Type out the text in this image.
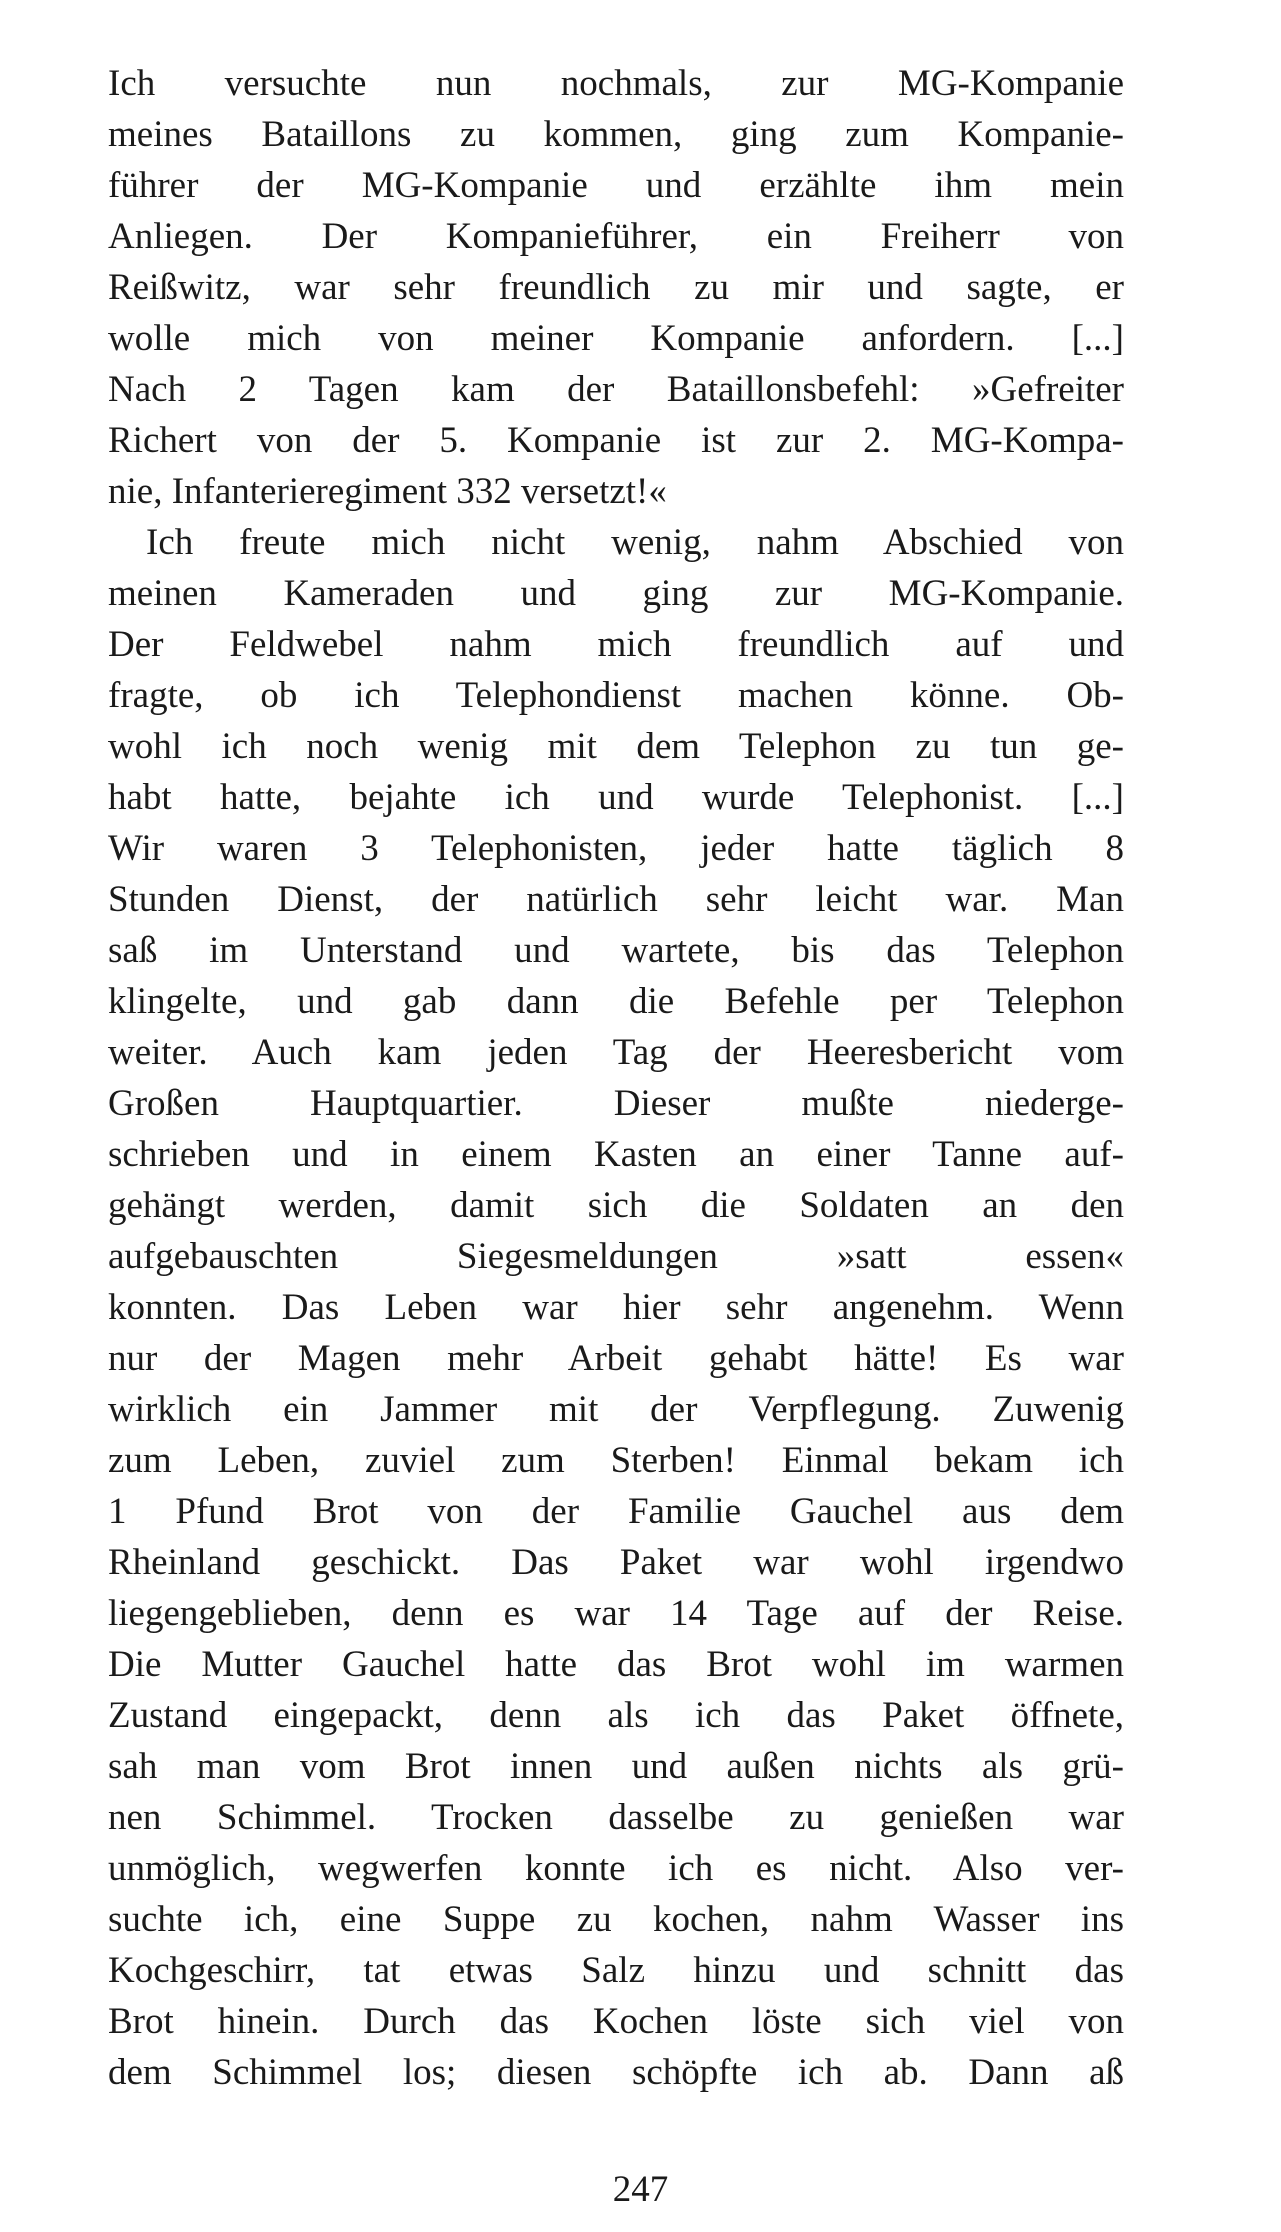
Ich versuchte nun nochmals, zur MG-Kompanie
meines Bataillons zu kommen, ging zum Kompanie-
führer der MG-Kompanie und erzählte ihm mein
Anliegen. Der Kompanieführer, ein Freiherr von
Reißwitz, war sehr freundlich zu mir und sagte, er
wolle mich von meiner Kompanie anfordern. [...]
Nach 2 Tagen kam der Bataillonsbefehl: »Gefreiter
Richert von der 5. Kompanie ist zur 2. MG-Kompa-
nie, Infanterieregiment 332 versetzt!«
Ich freute mich nicht wenig, nahm Abschied von
meinen Kameraden und ging zur MG-Kompanie.
Der Feldwebel nahm mich freundlich auf und
fragte, ob ich Telephondienst machen könne. Ob-
wohl ich noch wenig mit dem Telephon zu tun ge-
habt hatte, bejahte ich und wurde Telephonist. [...]
Wir waren 3 Telephonisten, jeder hatte täglich 8
Stunden Dienst, der natürlich sehr leicht war. Man
saß im Unterstand und wartete, bis das Telephon
klingelte, und gab dann die Befehle per Telephon
weiter. Auch kam jeden Tag der Heeresbericht vom
Großen Hauptquartier. Dieser mußte niederge-
schrieben und in einem Kasten an einer Tanne auf-
gehängt werden, damit sich die Soldaten an den
aufgebauschten Siegesmeldungen »satt essen«
konnten. Das Leben war hier sehr angenehm. Wenn
nur der Magen mehr Arbeit gehabt hätte! Es war
wirklich ein Jammer mit der Verpflegung. Zuwenig
zum Leben, zuviel zum Sterben! Einmal bekam ich
1 Pfund Brot von der Familie Gauchel aus dem
Rheinland geschickt. Das Paket war wohl irgendwo
liegengeblieben, denn es war 14 Tage auf der Reise.
Die Mutter Gauchel hatte das Brot wohl im warmen
Zustand eingepackt, denn als ich das Paket öffnete,
sah man vom Brot innen und außen nichts als grü-
nen Schimmel. Trocken dasselbe zu genießen war
unmöglich, wegwerfen konnte ich es nicht. Also ver-
suchte ich, eine Suppe zu kochen, nahm Wasser ins
Kochgeschirr, tat etwas Salz hinzu und schnitt das
Brot hinein. Durch das Kochen löste sich viel von
dem Schimmel los; diesen schöpfte ich ab. Dann aß
247
